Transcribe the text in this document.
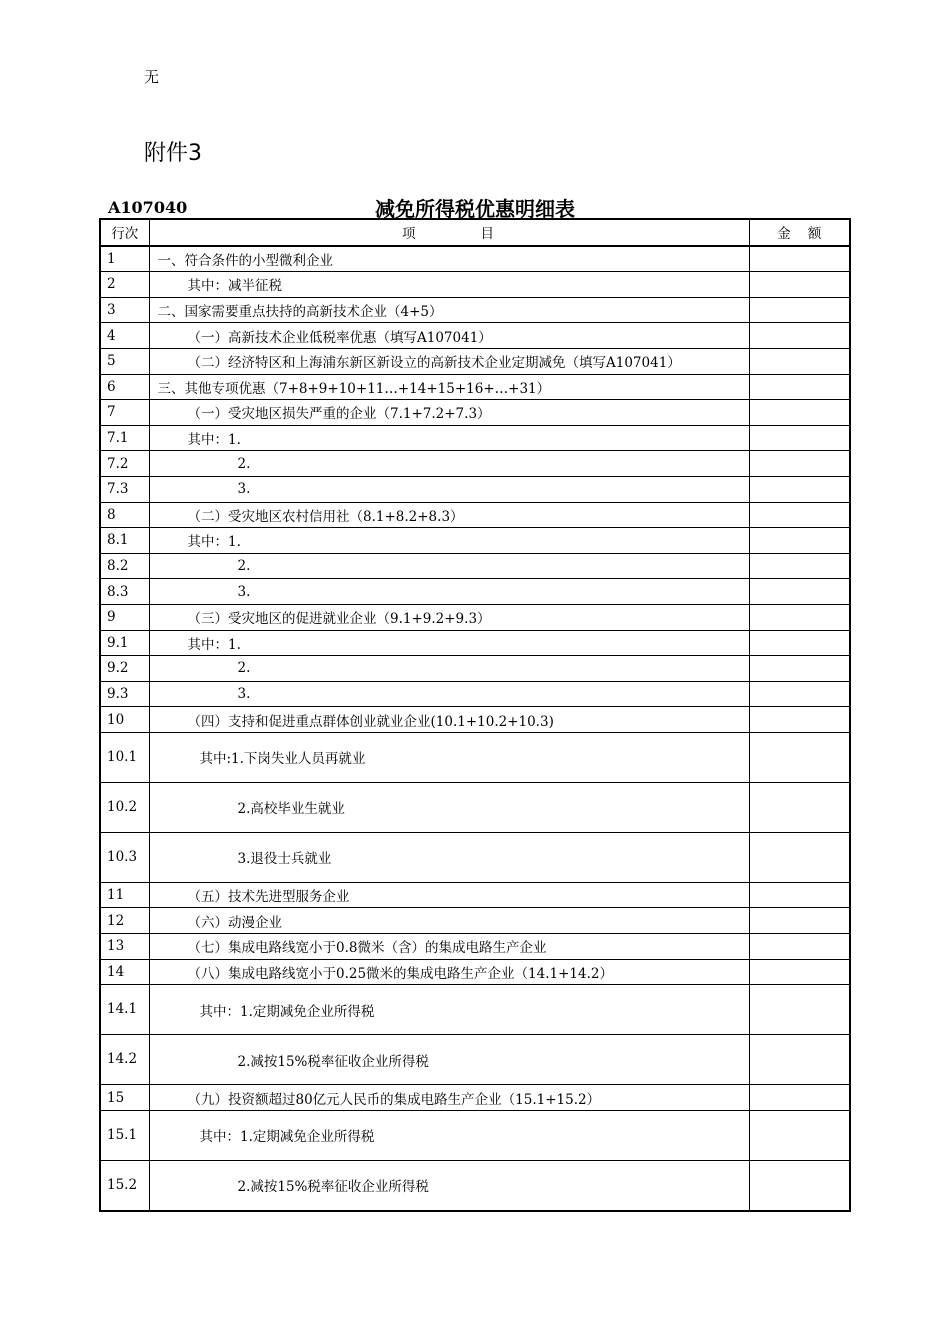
无
附件3
减免所得税优惠明细表
A107040
行次	项          目	金    额
1	一、符合条件的小型微利企业	
2	其中：减半征税	
3	二、国家需要重点扶持的高新技术企业（4+5）	
4	（一）高新技术企业低税率优惠（填写A107041）	
5	（二）经济特区和上海浦东新区新设立的高新技术企业定期减免（填写A107041）	
6	三、其他专项优惠（7+8+9+10+11…+14+15+16+…+31）	
7	（一）受灾地区损失严重的企业（7.1+7.2+7.3）	
7.1	其中：1.	
7.2	2.	
7.3	3.	
8	（二）受灾地区农村信用社（8.1+8.2+8.3）	
8.1	其中：1.	
8.2	2.	
8.3	3.	
9	（三）受灾地区的促进就业企业（9.1+9.2+9.3）	
9.1	其中：1.	
9.2	2.	
9.3	3.	
10	（四）支持和促进重点群体创业就业企业(10.1+10.2+10.3)	
10.1	其中:1.下岗失业人员再就业	
10.2	2.高校毕业生就业	
10.3	3.退役士兵就业	
11	（五）技术先进型服务企业	
12	（六）动漫企业	
13	（七）集成电路线宽小于0.8微米（含）的集成电路生产企业	
14	（八）集成电路线宽小于0.25微米的集成电路生产企业（14.1+14.2）	
14.1	其中：1.定期减免企业所得税	
14.2	2.减按15%税率征收企业所得税	
15	（九）投资额超过80亿元人民币的集成电路生产企业（15.1+15.2）	
15.1	其中：1.定期减免企业所得税	
15.2	2.减按15%税率征收企业所得税	
